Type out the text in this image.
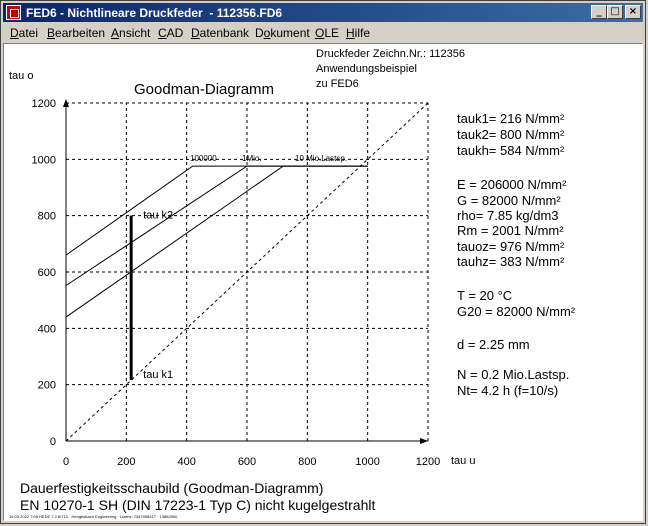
FED6 - Nichtlineare Druckfeder  - 112356.FD6	_ □ ×
Datei Bearbeiten Ansicht CAD Datenbank Dokument OLE Hilfe
Druckfeder Zeichn.Nr.: 112356
Anwendungsbeispiel
zu FED6
Goodman-Diagramm
tau o
tau u
0	200	400	600	800	1000	1200
0
200
400
600
800
1000
1200
100000	1Mio.	10 Mio.Lastsp.
tau k2
tau k1
tauk1= 216 N/mm²
tauk2= 800 N/mm²
taukh= 584 N/mm²
E = 206000 N/mm²
G = 82000 N/mm²
rho= 7.85 kg/dm3
Rm = 2001 N/mm²
tauoz= 976 N/mm²
tauhz= 383 N/mm²
T = 20 °C
G20 = 82000 N/mm²
d = 2.25 mm
N = 0.2 Mio.Lastsp.
Nt= 4.2 h (f=10/s)
Dauerfestigkeitsschaubild (Goodman-Diagramm)
EN 10270-1 SH (DIN 17223-1 Typ C) nicht kugelgestrahlt
15.03.2022 7:09 HEDE 7.2.8/710 · Hengesbach Engineering · Lizenz: 7347958417 · 13882900
